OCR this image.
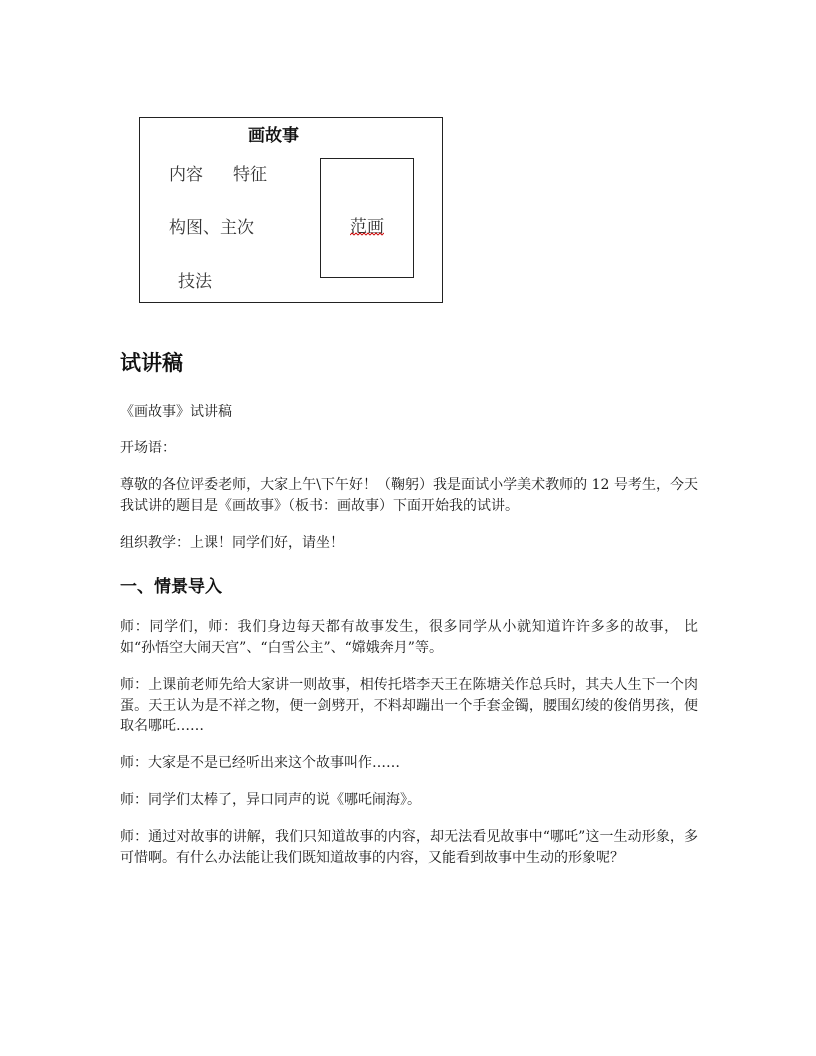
画故事
内容 特征
构图、主次
技法
范画
试讲稿

《画故事》试讲稿

开场语：

尊敬的各位评委老师，大家上午\下午好！（鞠躬）我是面试小学美术教师的 12 号考生，今天我试讲的题目是《画故事》（板书：画故事）下面开始我的试讲。

组织教学：上课！同学们好，请坐！

一、情景导入

师：同学们，师：我们身边每天都有故事发生，很多同学从小就知道许许多多的故事， 比如“孙悟空大闹天宫”、“白雪公主”、“嫦娥奔月”等。

师：上课前老师先给大家讲一则故事，相传托塔李天王在陈塘关作总兵时，其夫人生下一个肉蛋。天王认为是不祥之物，便一剑劈开，不料却蹦出一个手套金镯，腰围幻绫的俊俏男孩，便取名哪吒……

师：大家是不是已经听出来这个故事叫作……

师：同学们太棒了，异口同声的说《哪吒闹海》。

师：通过对故事的讲解，我们只知道故事的内容，却无法看见故事中“哪吒”这一生动形象，多可惜啊。有什么办法能让我们既知道故事的内容，又能看到故事中生动的形象呢？
